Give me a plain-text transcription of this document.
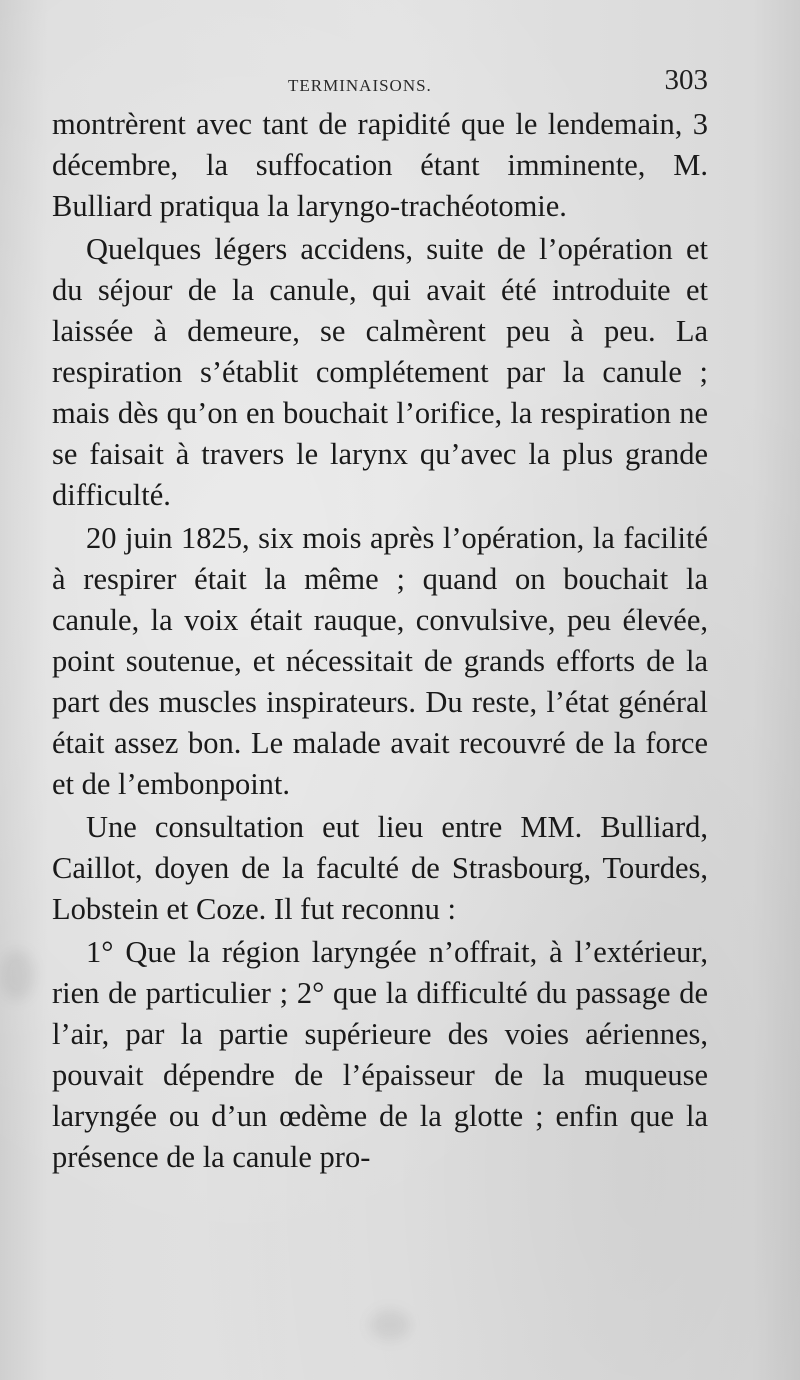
TERMINAISONS.	303

montrèrent avec tant de rapidité que le lendemain, 3 décembre, la suffocation étant imminente, M. Bulliard pratiqua la laryngo-trachéotomie.

Quelques légers accidens, suite de l’opération et du séjour de la canule, qui avait été introduite et laissée à demeure, se calmèrent peu à peu. La respiration s’établit complétement par la canule ; mais dès qu’on en bouchait l’orifice, la respiration ne se faisait à travers le larynx qu’avec la plus grande difficulté.

20 juin 1825, six mois après l’opération, la facilité à respirer était la même ; quand on bouchait la canule, la voix était rauque, convulsive, peu élevée, point soutenue, et nécessitait de grands efforts de la part des muscles inspirateurs. Du reste, l’état général était assez bon. Le malade avait recouvré de la force et de l’embonpoint.

Une consultation eut lieu entre MM. Bulliard, Caillot, doyen de la faculté de Strasbourg, Tourdes, Lobstein et Coze. Il fut reconnu :

1° Que la région laryngée n’offrait, à l’extérieur, rien de particulier ; 2° que la difficulté du passage de l’air, par la partie supérieure des voies aériennes, pouvait dépendre de l’épaisseur de la muqueuse laryngée ou d’un œdème de la glotte ; enfin que la présence de la canule pro-
